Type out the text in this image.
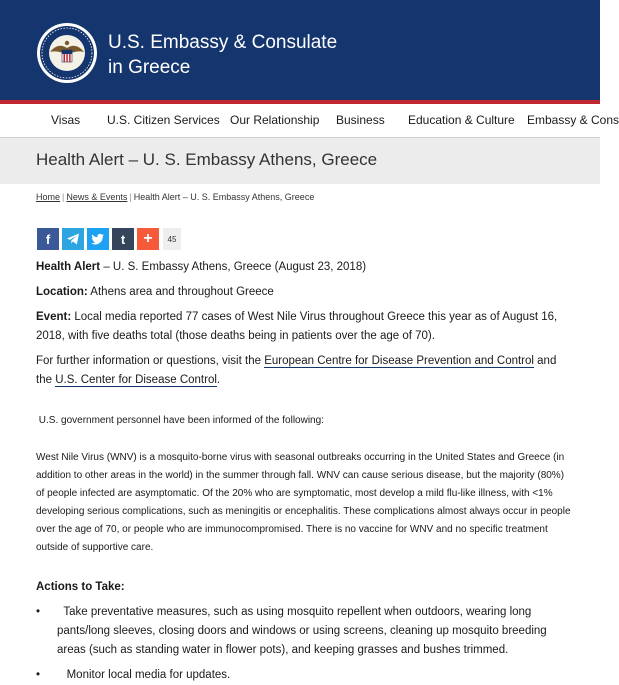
U.S. Embassy & Consulate
in Greece
Visas U.S. Citizen Services Our Relationship Business Education & Culture Embassy & Cons
Health Alert – U. S. Embassy Athens, Greece
Home | News & Events | Health Alert – U. S. Embassy Athens, Greece
f	t +	45

Health Alert – U. S. Embassy Athens, Greece (August 23, 2018)

Location: Athens area and throughout Greece

Event: Local media reported 77 cases of West Nile Virus throughout Greece this year as of August 16, 2018, with five deaths total (those deaths being in patients over the age of 70).

For further information or questions, visit the European Centre for Disease Prevention and Control and the U.S. Center for Disease Control.

U.S. government personnel have been informed of the following:

West Nile Virus (WNV) is a mosquito-borne virus with seasonal outbreaks occurring in the United States and Greece (in addition to other areas in the world) in the summer through fall. WNV can cause serious disease, but the majority (80%) of people infected are asymptomatic. Of the 20% who are symptomatic, most develop a mild flu-like illness, with <1% developing serious complications, such as meningitis or encephalitis. These complications almost always occur in people over the age of 70, or people who are immunocompromised. There is no vaccine for WNV and no specific treatment outside of supportive care.

Actions to Take:

• Take preventative measures, such as using mosquito repellent when outdoors, wearing long pants/long sleeves, closing doors and windows or using screens, cleaning up mosquito breeding areas (such as standing water in flower pots), and keeping grasses and bushes trimmed.
• Monitor local media for updates.
